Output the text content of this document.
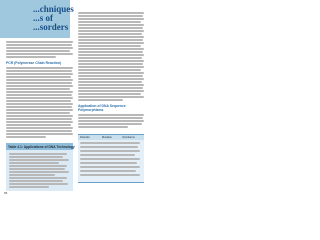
...chniques
...s of
...sorders
PCR (Polymerase Chain Reaction)
Table 4.1: Applications of DNA Technology
Application of DNA Sequence
Polymorphisms
Disorder	Mutation	Inheritance
88
